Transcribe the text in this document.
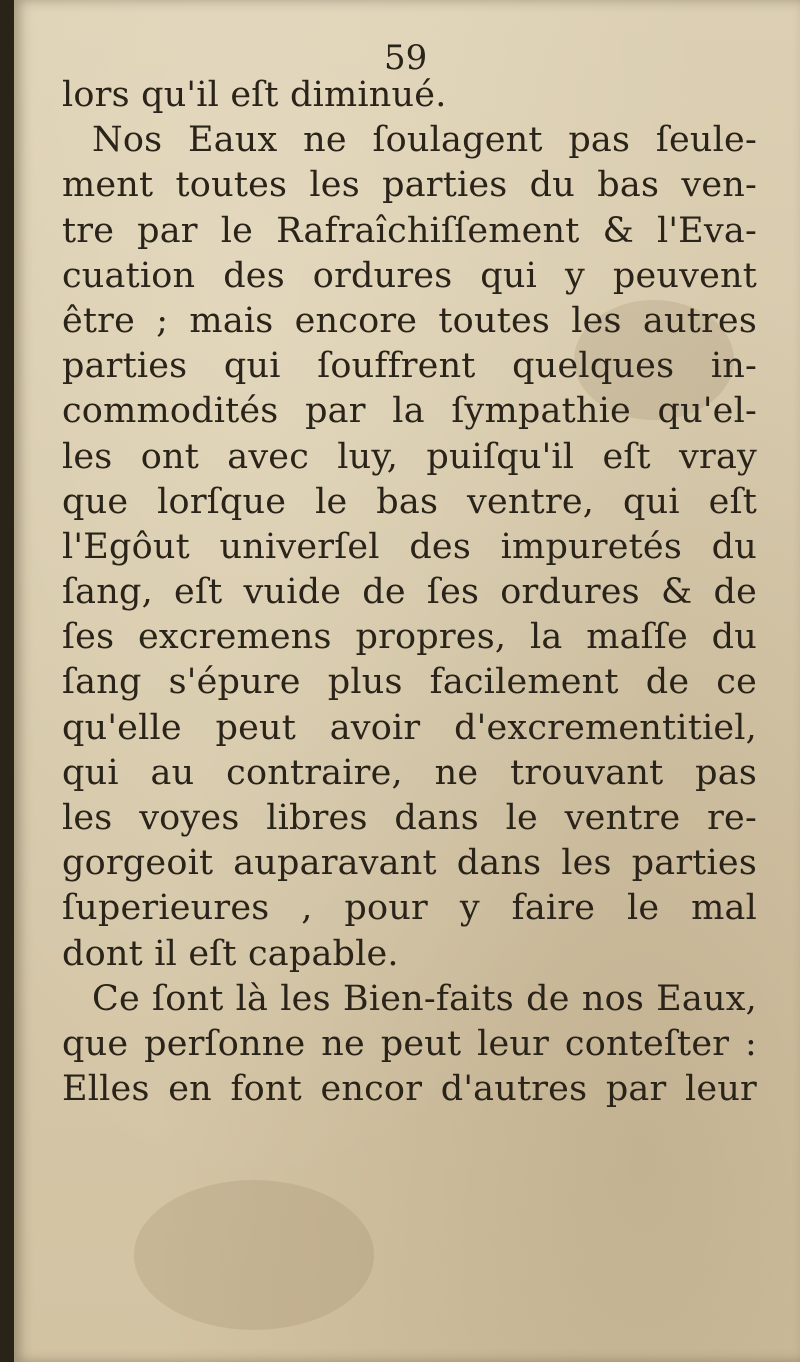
59
lors qu'il eſt diminué.
Nos Eaux ne ſoulagent pas ſeule-
ment toutes les parties du bas ven-
tre par le Rafraîchiſſement & l'Eva-
cuation des ordures qui y peuvent
être ; mais encore toutes les autres
parties qui ſouffrent quelques in-
commodités par la ſympathie qu'el-
les ont avec luy, puiſqu'il eſt vray
que lorſque le bas ventre, qui eſt
l'Egôut univerſel des impuretés du
ſang, eſt vuide de ſes ordures & de
ſes excremens propres, la maſſe du
ſang s'épure plus facilement de ce
qu'elle peut avoir d'excrementitiel,
qui au contraire, ne trouvant pas
les voyes libres dans le ventre re-
gorgeoit auparavant dans les parties
ſuperieures , pour y faire le mal
dont il eſt capable.
Ce ſont là les Bien-faits de nos Eaux,
que perſonne ne peut leur conteſter :
Elles en font encor d'autres par leur
